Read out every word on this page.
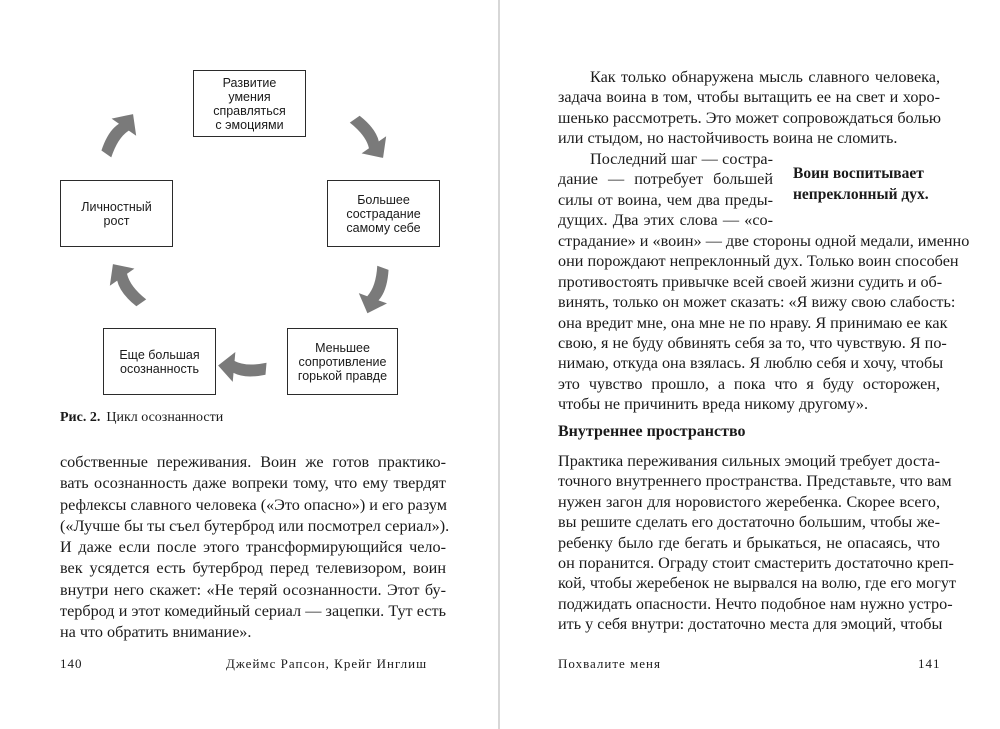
Развитие
умения
справляться
с эмоциями
Большее
сострадание
самому себе
Меньшее
сопротивление
горькой правде
Еще большая
осознанность
Личностный
рост
Рис. 2. Цикл осознанности
собственные переживания. Воин же готов практико-
вать осознанность даже вопреки тому, что ему твердят
рефлексы славного человека («Это опасно») и его разум
(«Лучше бы ты съел бутерброд или посмотрел сериал»).
И даже если после этого трансформирующийся чело-
век усядется есть бутерброд перед телевизором, воин
внутри него скажет: «Не теряй осознанности. Этот бу-
терброд и этот комедийный сериал — зацепки. Тут есть
на что обратить внимание».
140	Джеймс Рапсон, Крейг Инглиш
Как только обнаружена мысль славного человека,
задача воина в том, чтобы вытащить ее на свет и хоро-
шенько рассмотреть. Это может сопровождаться болью
или стыдом, но настойчивость воина не сломить.
Последний шаг — состра-
дание — потребует большей
силы от воина, чем два преды-
дущих. Два этих слова — «со-
Воин воспитывает непреклонный дух.
страдание» и «воин» — две стороны одной медали, именно
они порождают непреклонный дух. Только воин способен
противостоять привычке всей своей жизни судить и об-
винять, только он может сказать: «Я вижу свою слабость:
она вредит мне, она мне не по нраву. Я принимаю ее как
свою, я не буду обвинять себя за то, что чувствую. Я по-
нимаю, откуда она взялась. Я люблю себя и хочу, чтобы
это чувство прошло, а пока что я буду осторожен,
чтобы не причинить вреда никому другому».
Внутреннее пространство
Практика переживания сильных эмоций требует доста-
точного внутреннего пространства. Представьте, что вам
нужен загон для норовистого жеребенка. Скорее всего,
вы решите сделать его достаточно большим, чтобы же-
ребенку было где бегать и брыкаться, не опасаясь, что
он поранится. Ограду стоит смастерить достаточно креп-
кой, чтобы жеребенок не вырвался на волю, где его могут
поджидать опасности. Нечто подобное нам нужно устро-
ить у себя внутри: достаточно места для эмоций, чтобы
Похвалите меня	141
